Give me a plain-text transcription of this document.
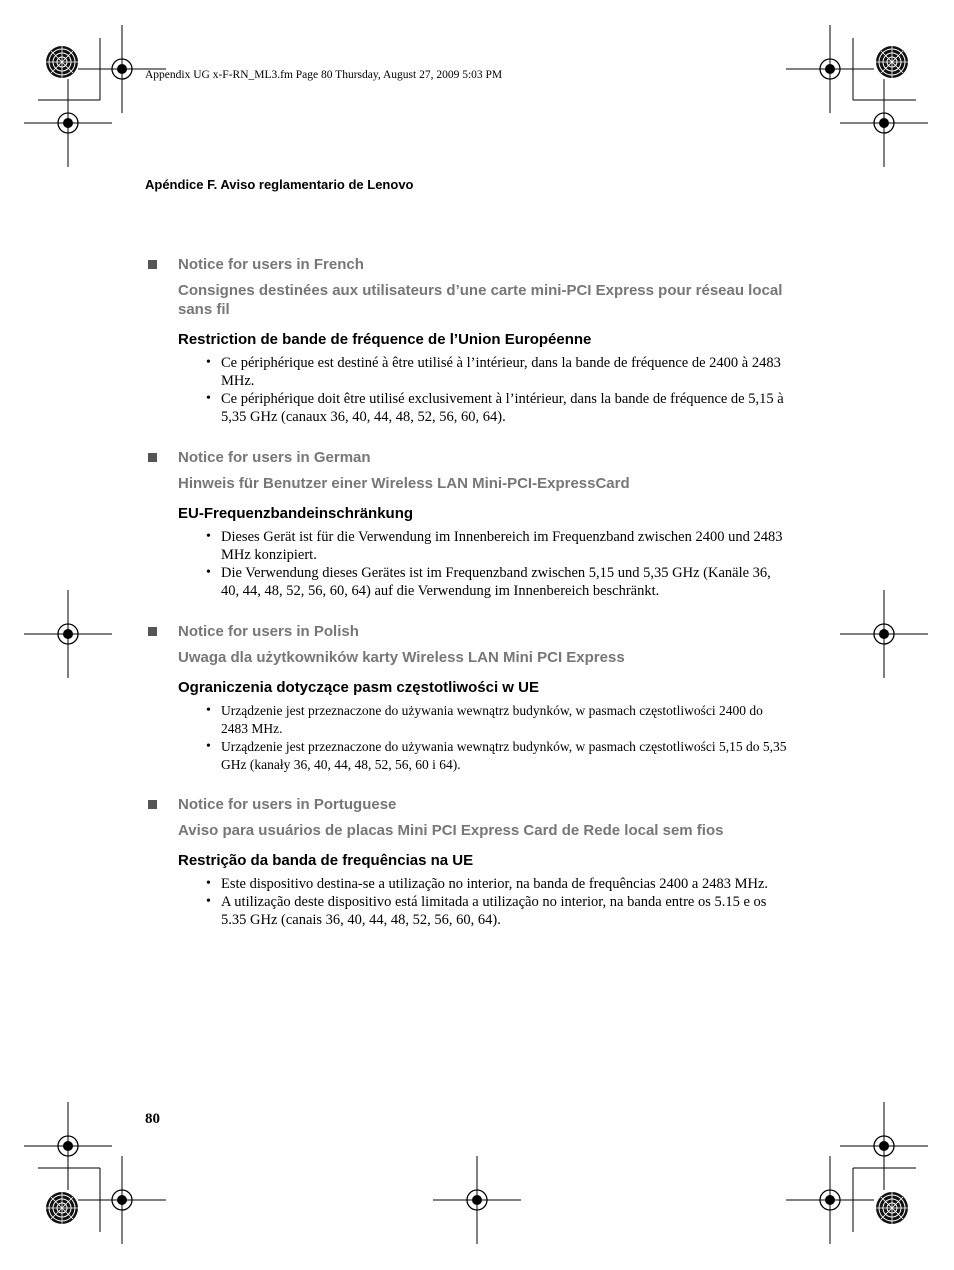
Appendix UG x-F-RN_ML3.fm Page 80 Thursday, August 27, 2009 5:03 PM
Apéndice F. Aviso reglamentario de Lenovo
Notice for users in French
Consignes destinées aux utilisateurs d’une carte mini-PCI Express pour réseau local sans fil
Restriction de bande de fréquence de l’Union Européenne
• Ce périphérique est destiné à être utilisé à l’intérieur, dans la bande de fréquence de 2400 à 2483 MHz.
• Ce périphérique doit être utilisé exclusivement à l’intérieur, dans la bande de fréquence de 5,15 à 5,35 GHz (canaux 36, 40, 44, 48, 52, 56, 60, 64).
Notice for users in German
Hinweis für Benutzer einer Wireless LAN Mini-PCI-ExpressCard
EU-Frequenzbandeinschränkung
• Dieses Gerät ist für die Verwendung im Innenbereich im Frequenzband zwischen 2400 und 2483 MHz konzipiert.
• Die Verwendung dieses Gerätes ist im Frequenzband zwischen 5,15 und 5,35 GHz (Kanäle 36, 40, 44, 48, 52, 56, 60, 64) auf die Verwendung im Innenbereich beschränkt.
Notice for users in Polish
Uwaga dla użytkowników karty Wireless LAN Mini PCI Express
Ograniczenia dotyczące pasm częstotliwości w UE
• Urządzenie jest przeznaczone do używania wewnątrz budynków, w pasmach częstotliwości 2400 do 2483 MHz.
• Urządzenie jest przeznaczone do używania wewnątrz budynków, w pasmach częstotliwości 5,15 do 5,35 GHz (kanały 36, 40, 44, 48, 52, 56, 60 i 64).
Notice for users in Portuguese
Aviso para usuários de placas Mini PCI Express Card de Rede local sem fios
Restrição da banda de frequências na UE
• Este dispositivo destina-se a utilização no interior, na banda de frequências 2400 a 2483 MHz.
• A utilização deste dispositivo está limitada a utilização no interior, na banda entre os 5.15 e os 5.35 GHz (canais 36, 40, 44, 48, 52, 56, 60, 64).
80
